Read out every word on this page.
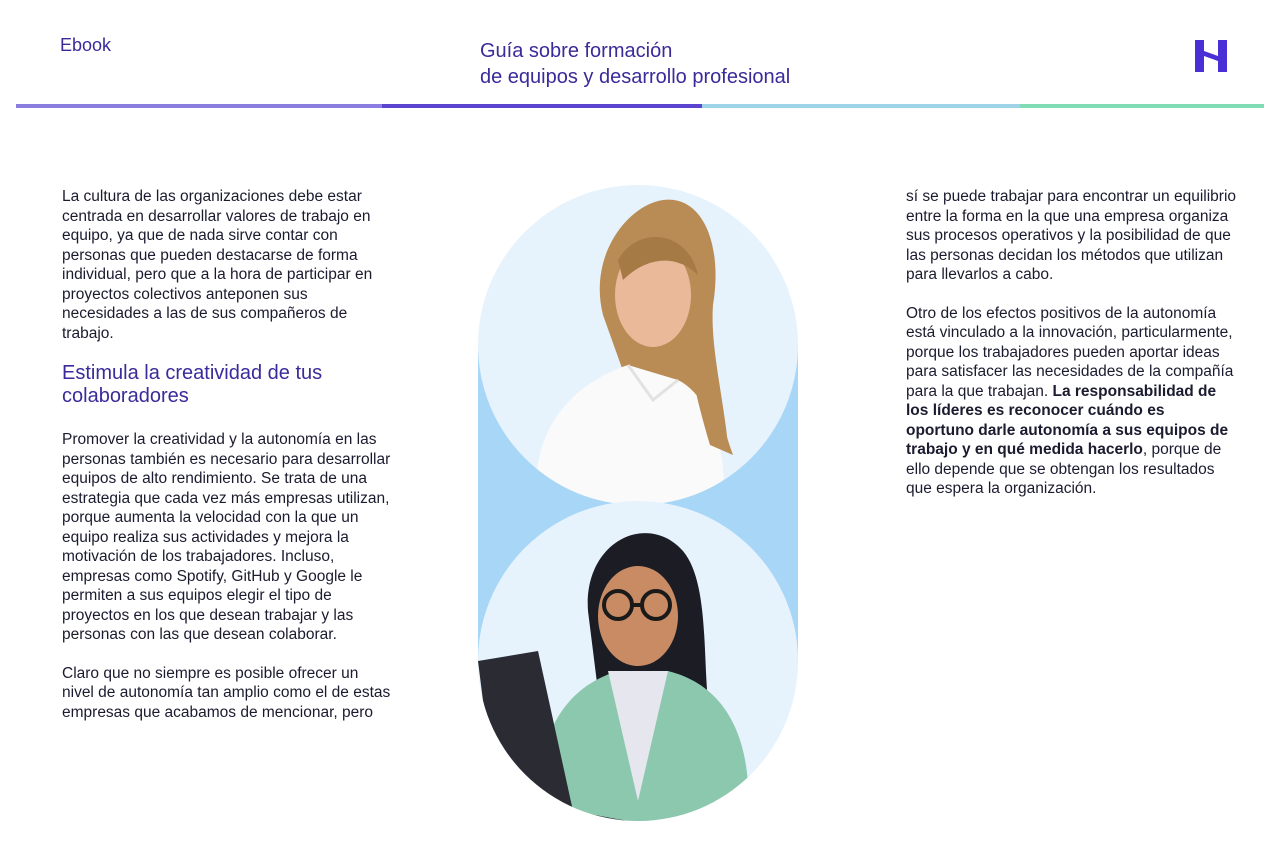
Ebook	Guía sobre formación
de equipos y desarrollo profesional

La cultura de las organizaciones debe estar centrada en desarrollar valores de trabajo en equipo, ya que de nada sirve contar con personas que pueden destacarse de forma individual, pero que a la hora de participar en proyectos colectivos anteponen sus necesidades a las de sus compañeros de trabajo.

Estimula la creatividad de tus colaboradores

Promover la creatividad y la autonomía en las personas también es necesario para desarrollar equipos de alto rendimiento. Se trata de una estrategia que cada vez más empresas utilizan, porque aumenta la velocidad con la que un equipo realiza sus actividades y mejora la motivación de los trabajadores. Incluso, empresas como Spotify, GitHub y Google le permiten a sus equipos elegir el tipo de proyectos en los que desean trabajar y las personas con las que desean colaborar.

Claro que no siempre es posible ofrecer un nivel de autonomía tan amplio como el de estas empresas que acabamos de mencionar, pero

sí se puede trabajar para encontrar un equilibrio entre la forma en la que una empresa organiza sus procesos operativos y la posibilidad de que las personas decidan los métodos que utilizan para llevarlos a cabo.

Otro de los efectos positivos de la autonomía está vinculado a la innovación, particularmente, porque los trabajadores pueden aportar ideas para satisfacer las necesidades de la compañía para la que trabajan. La responsabilidad de los líderes es reconocer cuándo es oportuno darle autonomía a sus equipos de trabajo y en qué medida hacerlo, porque de ello depende que se obtengan los resultados que espera la organización.
